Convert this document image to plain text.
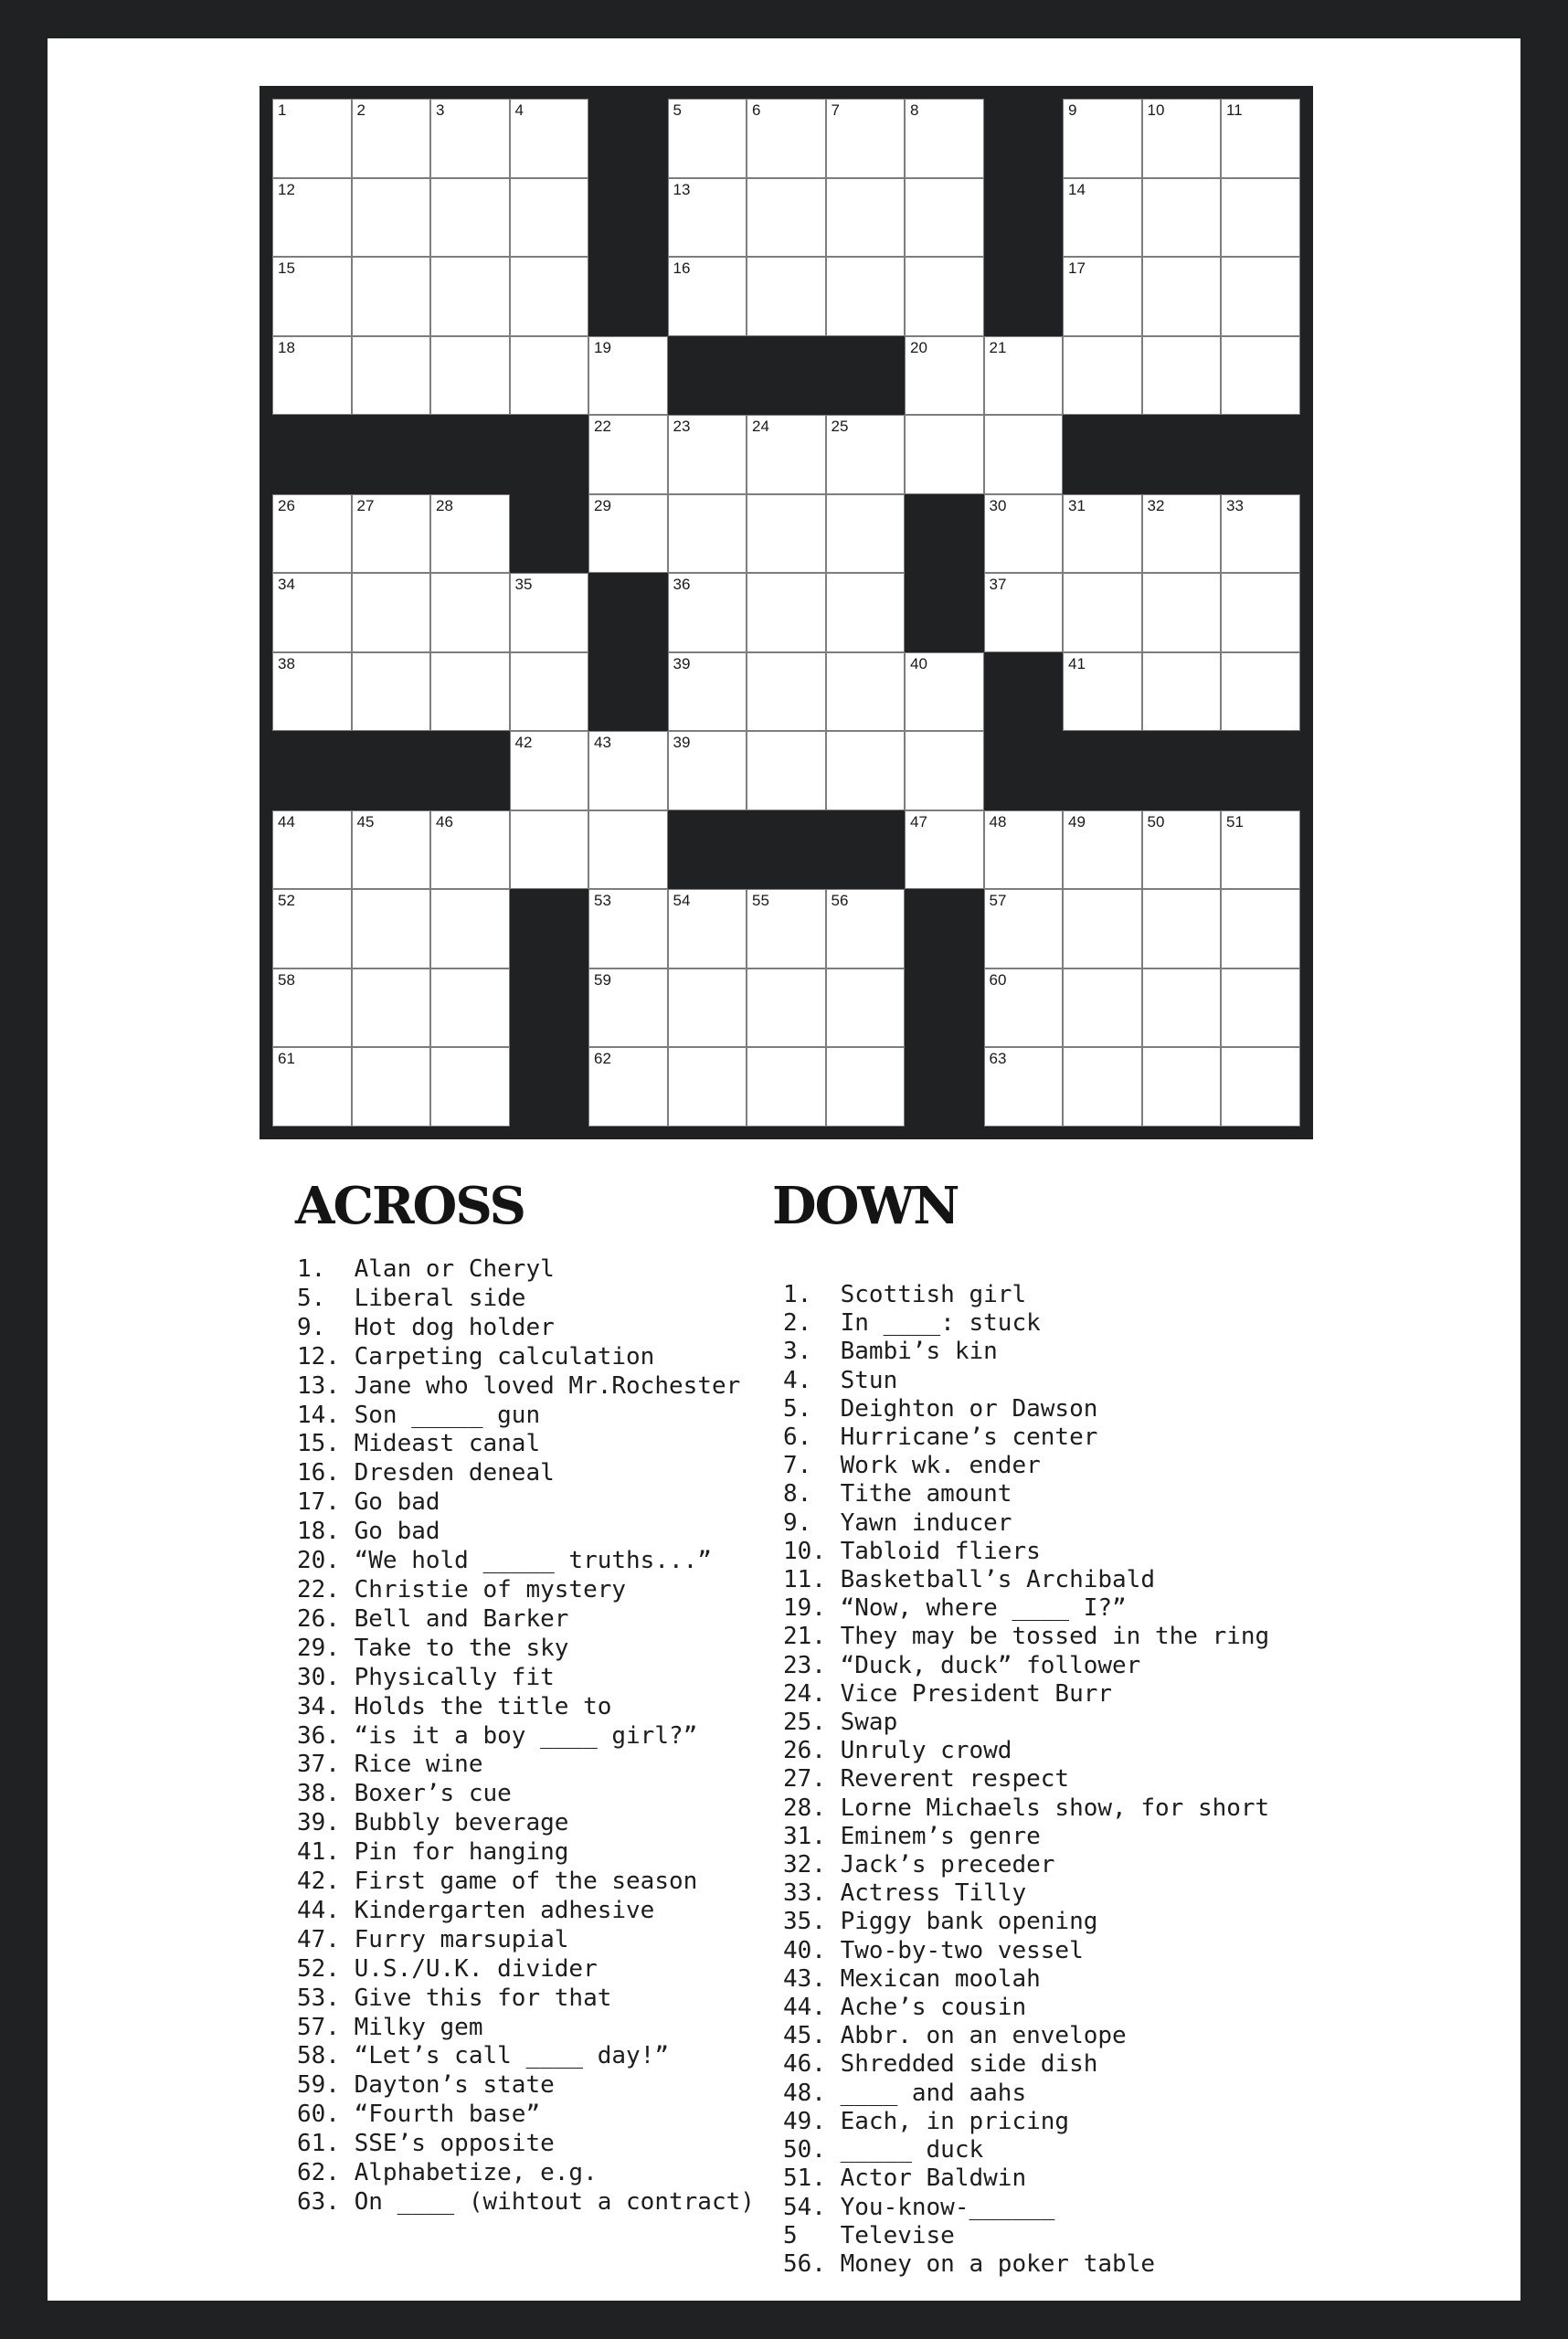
1	2	3	4	5	6	7	8	9	10	11
12	13	14
15	16	17
18	19	20	21
22	23	24	25
26	27	28	29	30	31	32	33
34	35	36	37
38	39	40	41
42	43	39
44	45	46	47	48	49	50	51
52	53	54	55	56	57
58	59	60
61	62	63
ACROSS	DOWN
1.  Alan or Cheryl
5.  Liberal side
9.  Hot dog holder
12. Carpeting calculation
13. Jane who loved Mr.Rochester
14. Son _____ gun
15. Mideast canal
16. Dresden deneal
17. Go bad
18. Go bad
20. “We hold _____ truths...”
22. Christie of mystery
26. Bell and Barker
29. Take to the sky
30. Physically fit
34. Holds the title to
36. “is it a boy ____ girl?”
37. Rice wine
38. Boxer’s cue
39. Bubbly beverage
41. Pin for hanging
42. First game of the season
44. Kindergarten adhesive
47. Furry marsupial
52. U.S./U.K. divider
53. Give this for that
57. Milky gem
58. “Let’s call ____ day!”
59. Dayton’s state
60. “Fourth base”
61. SSE’s opposite
62. Alphabetize, e.g.
63. On ____ (wihtout a contract)
1.  Scottish girl
2.  In ____: stuck
3.  Bambi’s kin
4.  Stun
5.  Deighton or Dawson
6.  Hurricane’s center
7.  Work wk. ender
8.  Tithe amount
9.  Yawn inducer
10. Tabloid fliers
11. Basketball’s Archibald
19. “Now, where ____ I?”
21. They may be tossed in the ring
23. “Duck, duck” follower
24. Vice President Burr
25. Swap
26. Unruly crowd
27. Reverent respect
28. Lorne Michaels show, for short
31. Eminem’s genre
32. Jack’s preceder
33. Actress Tilly
35. Piggy bank opening
40. Two-by-two vessel
43. Mexican moolah
44. Ache’s cousin
45. Abbr. on an envelope
46. Shredded side dish
48. ____ and aahs
49. Each, in pricing
50. _____ duck
51. Actor Baldwin
54. You-know-______
5   Televise
56. Money on a poker table
